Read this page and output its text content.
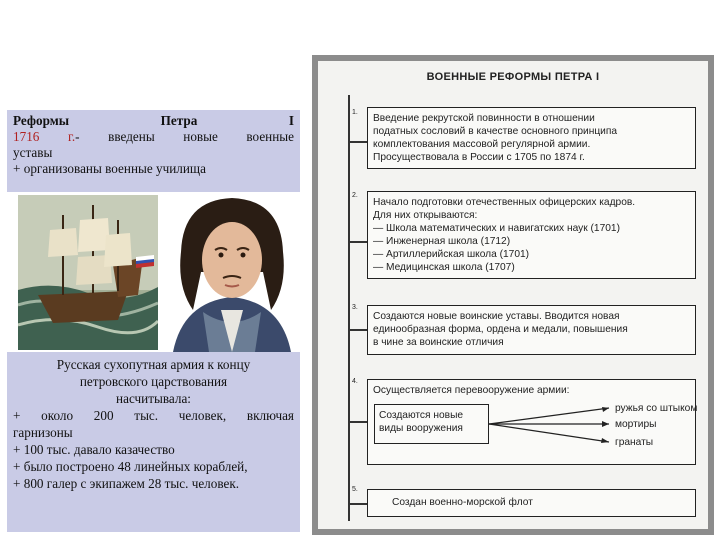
Реформы Петра I
1716 г.- введены новые военные
уставы
+ организованы военные училища
Русская сухопутная армия к концу
петровского царствования
насчитывала:
+ около 200 тыс. человек, включая
гарнизоны
+ 100 тыс. давало казачество
+ было построено 48 линейных кораблей,
+ 800 галер с экипажем 28 тыс. человек.
ВОЕННЫЕ РЕФОРМЫ ПЕТРА I
1.
Введение рекрутской повинности в отношении
податных сословий в качестве основного принципа
комплектования массовой регулярной армии.
Просуществовала в России с 1705 по 1874 г.
2.
Начало подготовки отечественных офицерских кадров.
Для них открываются:
— Школа математических и навигатских наук (1701)
— Инженерная школа (1712)
— Артиллерийская школа (1701)
— Медицинская школа (1707)
3.
Создаются новые воинские уставы. Вводится новая
единообразная форма, ордена и медали, повышения
в чине за воинские отличия
4.
Осуществляется перевооружение армии:
Создаются новые
виды вооружения
ружья со штыком
мортиры
гранаты
5.
Создан военно-морской флот
